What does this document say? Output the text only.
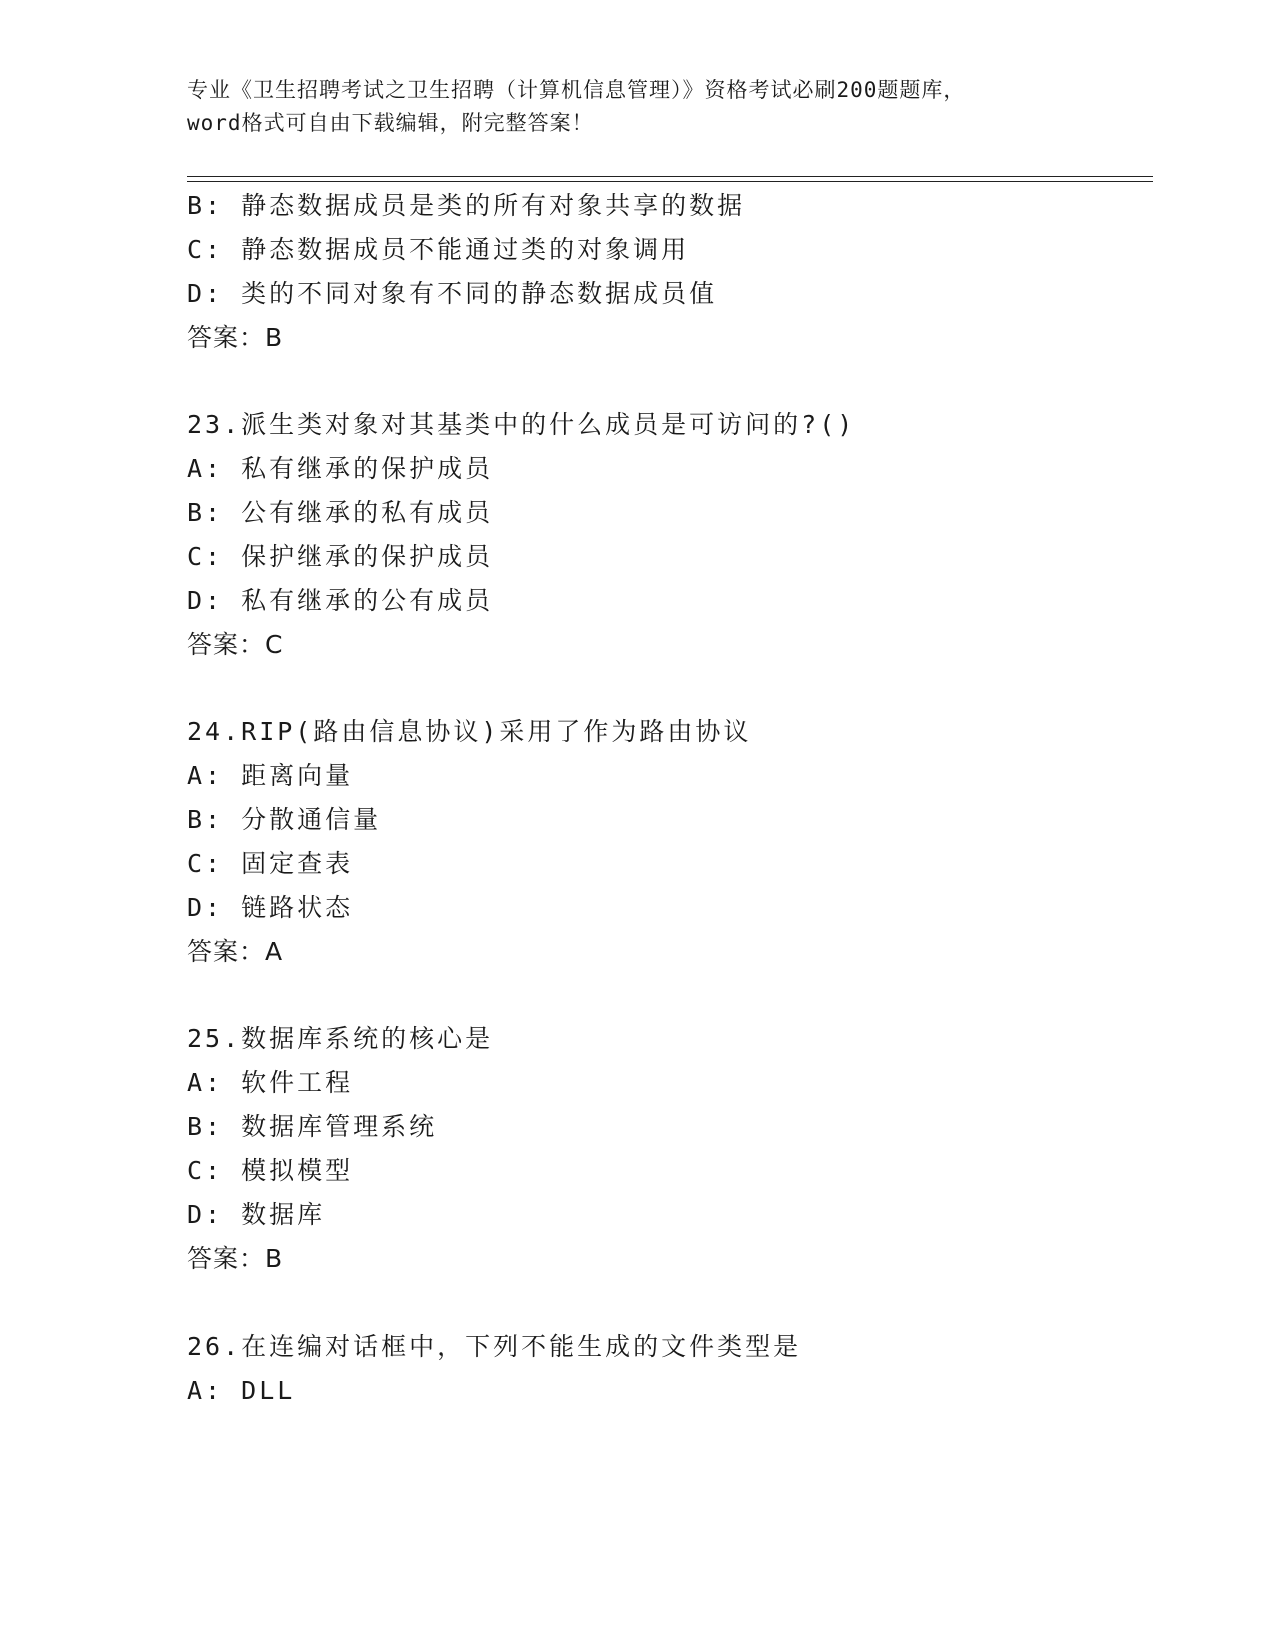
专业《卫生招聘考试之卫生招聘（计算机信息管理）》资格考试必刷200题题库，
word格式可自由下载编辑，附完整答案！
B: 静态数据成员是类的所有对象共享的数据
C: 静态数据成员不能通过类的对象调用
D: 类的不同对象有不同的静态数据成员值
答案：B
23.派生类对象对其基类中的什么成员是可访问的?()
A: 私有继承的保护成员
B: 公有继承的私有成员
C: 保护继承的保护成员
D: 私有继承的公有成员
答案：C
24.RIP(路由信息协议)采用了作为路由协议
A: 距离向量
B: 分散通信量
C: 固定查表
D: 链路状态
答案：A
25.数据库系统的核心是
A: 软件工程
B: 数据库管理系统
C: 模拟模型
D: 数据库
答案：B
26.在连编对话框中，下列不能生成的文件类型是
A: DLL
